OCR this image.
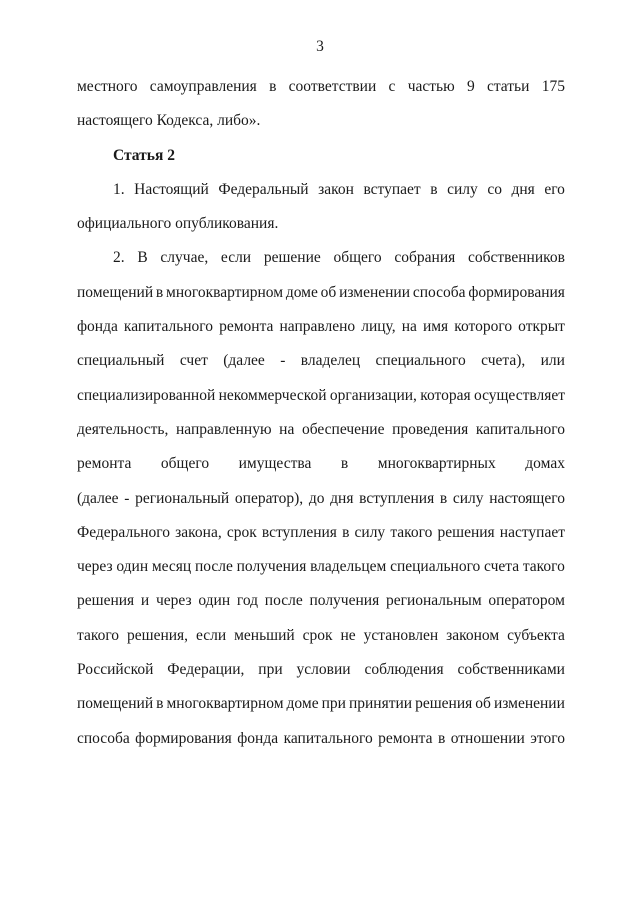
3
местного самоуправления в соответствии с частью 9 статьи 175
настоящего Кодекса, либо».
Статья 2
1. Настоящий Федеральный закон вступает в силу со дня его
официального опубликования.
2. В случае, если решение общего собрания собственников
помещений в многоквартирном доме об изменении способа формирования
фонда капитального ремонта направлено лицу, на имя которого открыт
специальный счет (далее - владелец специального счета), или
специализированной некоммерческой организации, которая осуществляет
деятельность, направленную на обеспечение проведения капитального
ремонта общего имущества в многоквартирных домах
(далее - региональный оператор), до дня вступления в силу настоящего
Федерального закона, срок вступления в силу такого решения наступает
через один месяц после получения владельцем специального счета такого
решения и через один год после получения региональным оператором
такого решения, если меньший срок не установлен законом субъекта
Российской Федерации, при условии соблюдения собственниками
помещений в многоквартирном доме при принятии решения об изменении
способа формирования фонда капитального ремонта в отношении этого
